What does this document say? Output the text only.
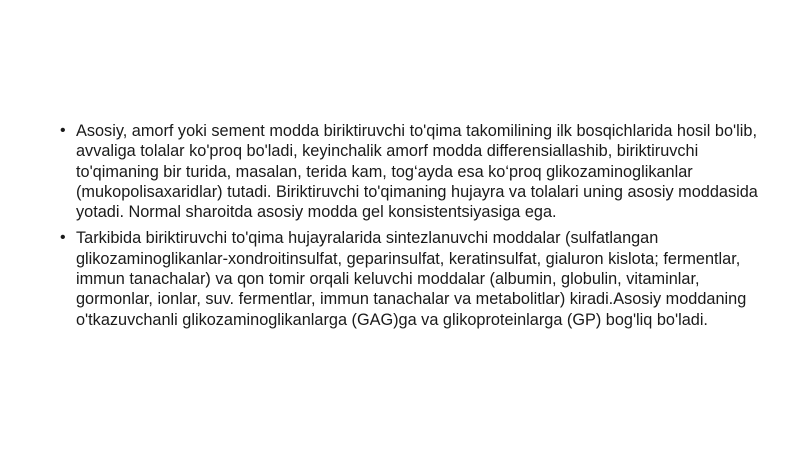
• Asosiy, amorf yoki sement modda biriktiruvchi to'qima takomilining ilk bosqichlarida hosil bo'lib, avvaliga tolalar ko'proq bo'ladi, keyinchalik amorf modda differensiallashib, biriktiruvchi to'qimaning bir turida, masalan, terida kam, tog‘ayda esa ko‘proq glikozaminoglikanlar (mukopolisaxaridlar) tutadi. Biriktiruvchi to'qimaning hujayra va tolalari uning asosiy moddasida yotadi. Normal sharoitda asosiy modda gel konsistentsiyasiga ega.
• Tarkibida biriktiruvchi to'qima hujayralarida sintezlanuvchi moddalar (sulfatlangan glikozaminoglikanlar-xondroitinsulfat, geparinsulfat, keratinsulfat, gialuron kislota; fermentlar, immun tanachalar) va qon tomir orqali keluvchi moddalar (albumin, globulin, vitaminlar, gormonlar, ionlar, suv. fermentlar, immun tanachalar va metabolitlar) kiradi.Asosiy moddaning o'tkazuvchanli glikozaminoglikanlarga (GAG)ga va glikoproteinlarga (GP) bog'liq bo'ladi.
